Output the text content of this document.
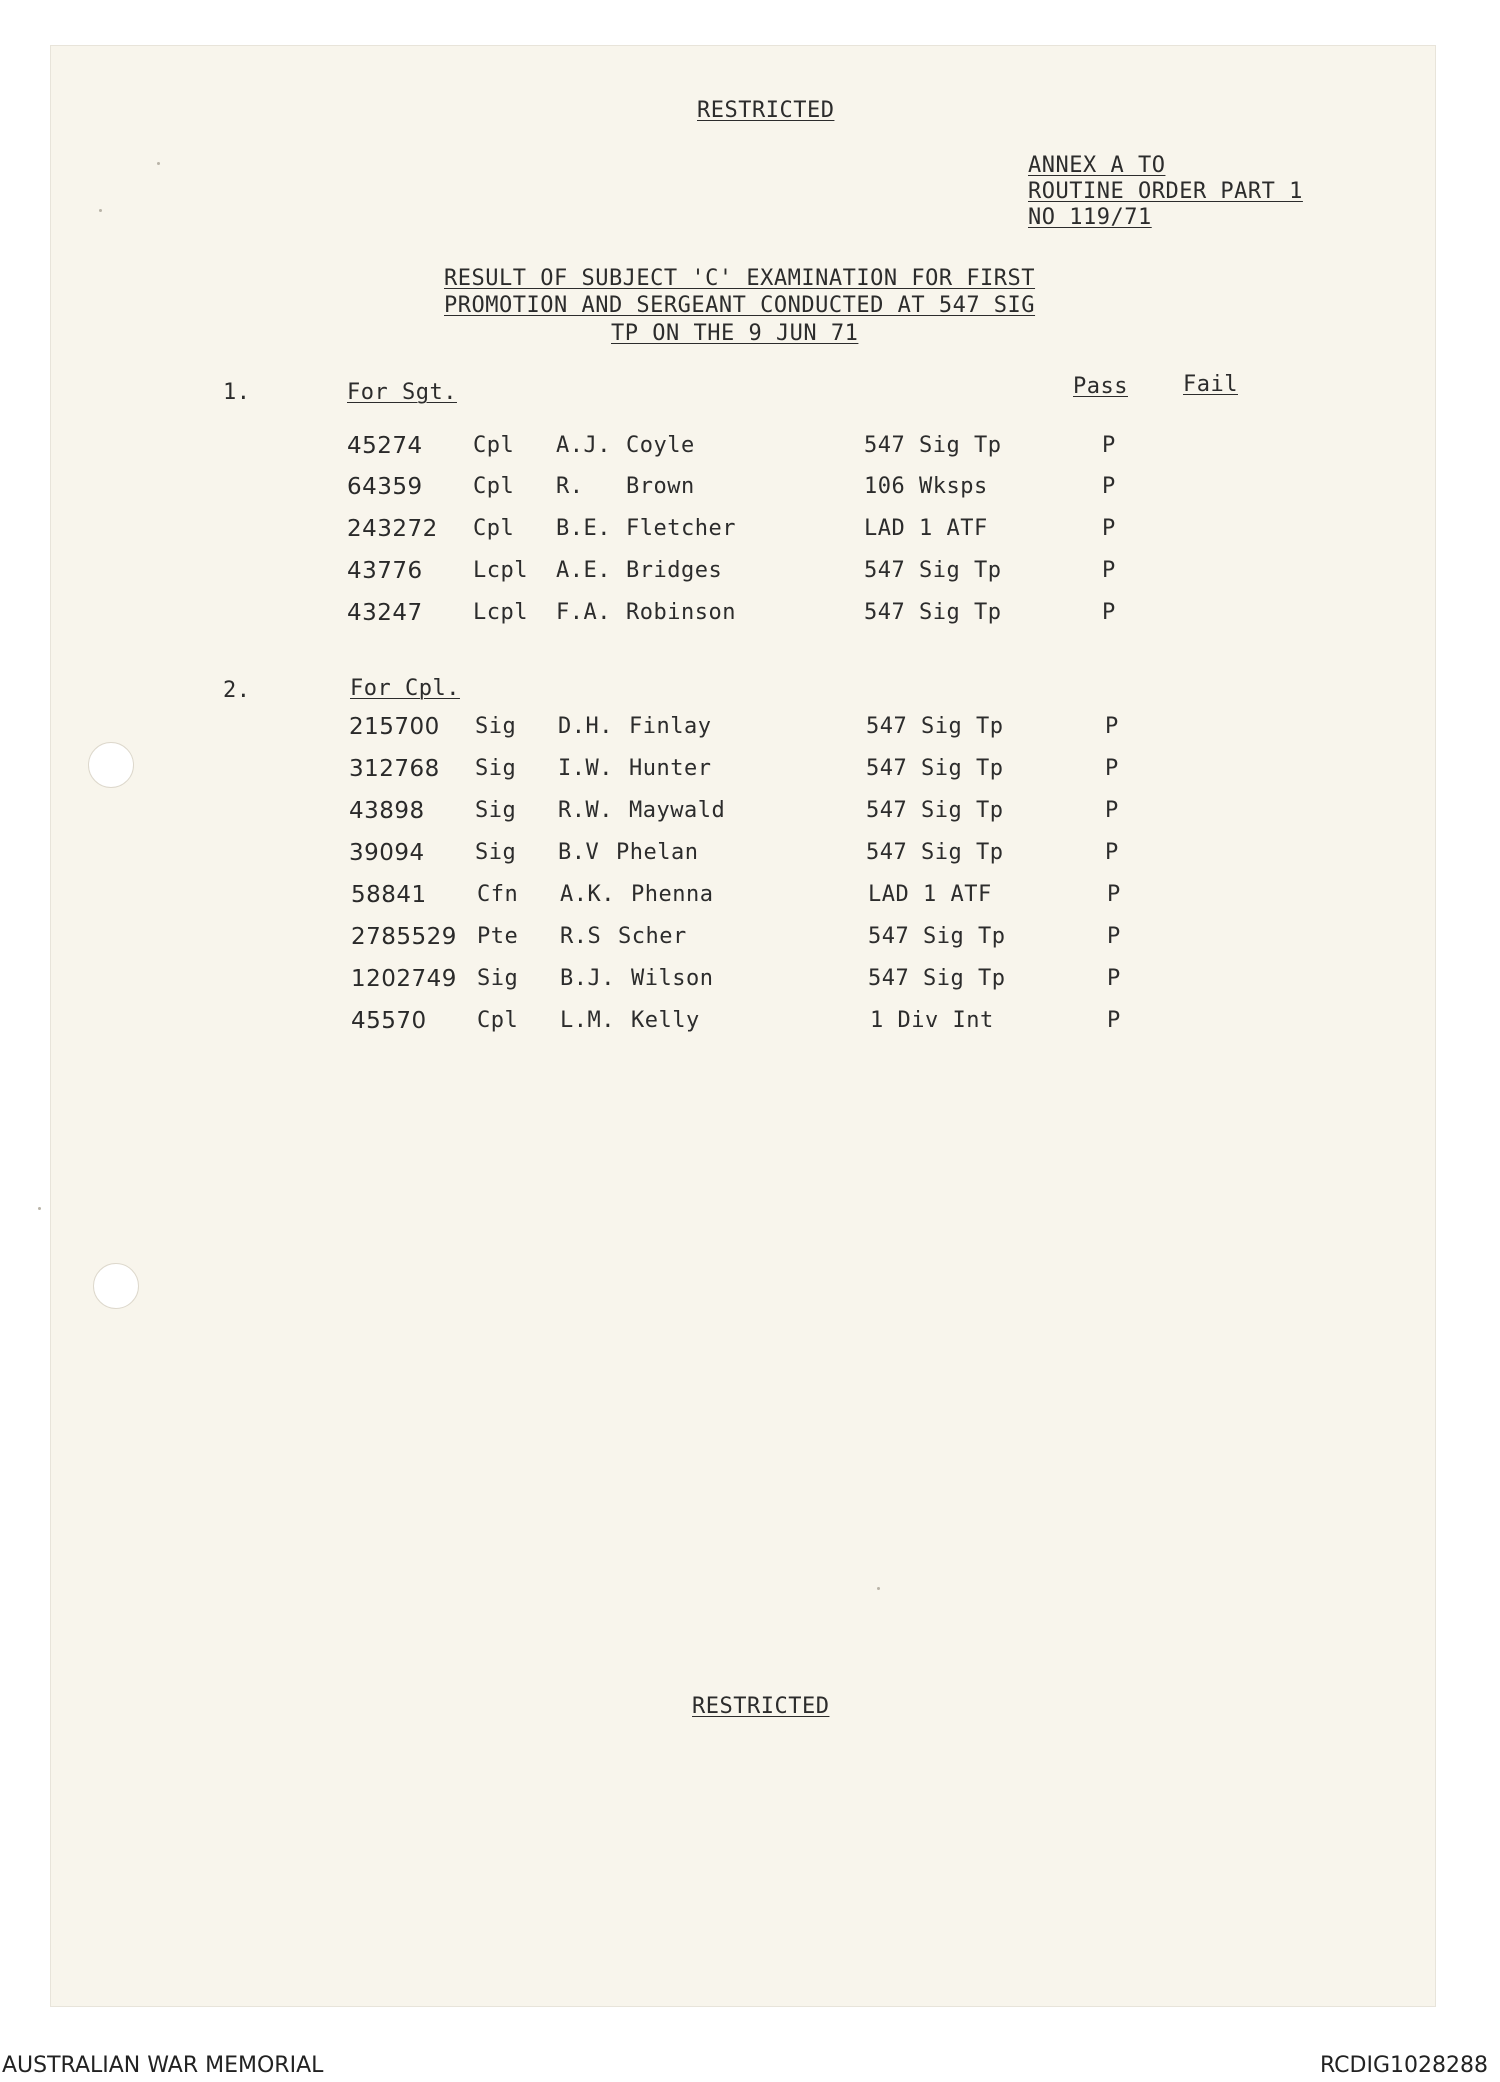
RESTRICTED
ANNEX A TO
ROUTINE ORDER PART 1
NO 119/71
RESULT OF SUBJECT 'C' EXAMINATION FOR FIRST
PROMOTION AND SERGEANT CONDUCTED AT 547 SIG
TP ON THE 9 JUN 71
1.	For Sgt.	Pass	Fail
45274 Cpl A.J. Coyle	547 Sig Tp	P
64359 Cpl R. Brown	106 Wksps	P
243272 Cpl B.E. Fletcher	LAD 1 ATF	P
43776 Lcpl A.E. Bridges	547 Sig Tp	P
43247 Lcpl F.A. Robinson	547 Sig Tp	P
2.	For Cpl.
215700 Sig D.H. Finlay	547 Sig Tp	P
312768 Sig I.W. Hunter	547 Sig Tp	P
43898 Sig R.W. Maywald	547 Sig Tp	P
39094 Sig B.V Phelan	547 Sig Tp	P
58841 Cfn A.K. Phenna	LAD 1 ATF	P
2785529 Pte R.S Scher	547 Sig Tp	P
1202749 Sig B.J. Wilson	547 Sig Tp	P
45570 Cpl L.M. Kelly	1 Div Int	P
RESTRICTED
AUSTRALIAN WAR MEMORIAL	RCDIG1028288
